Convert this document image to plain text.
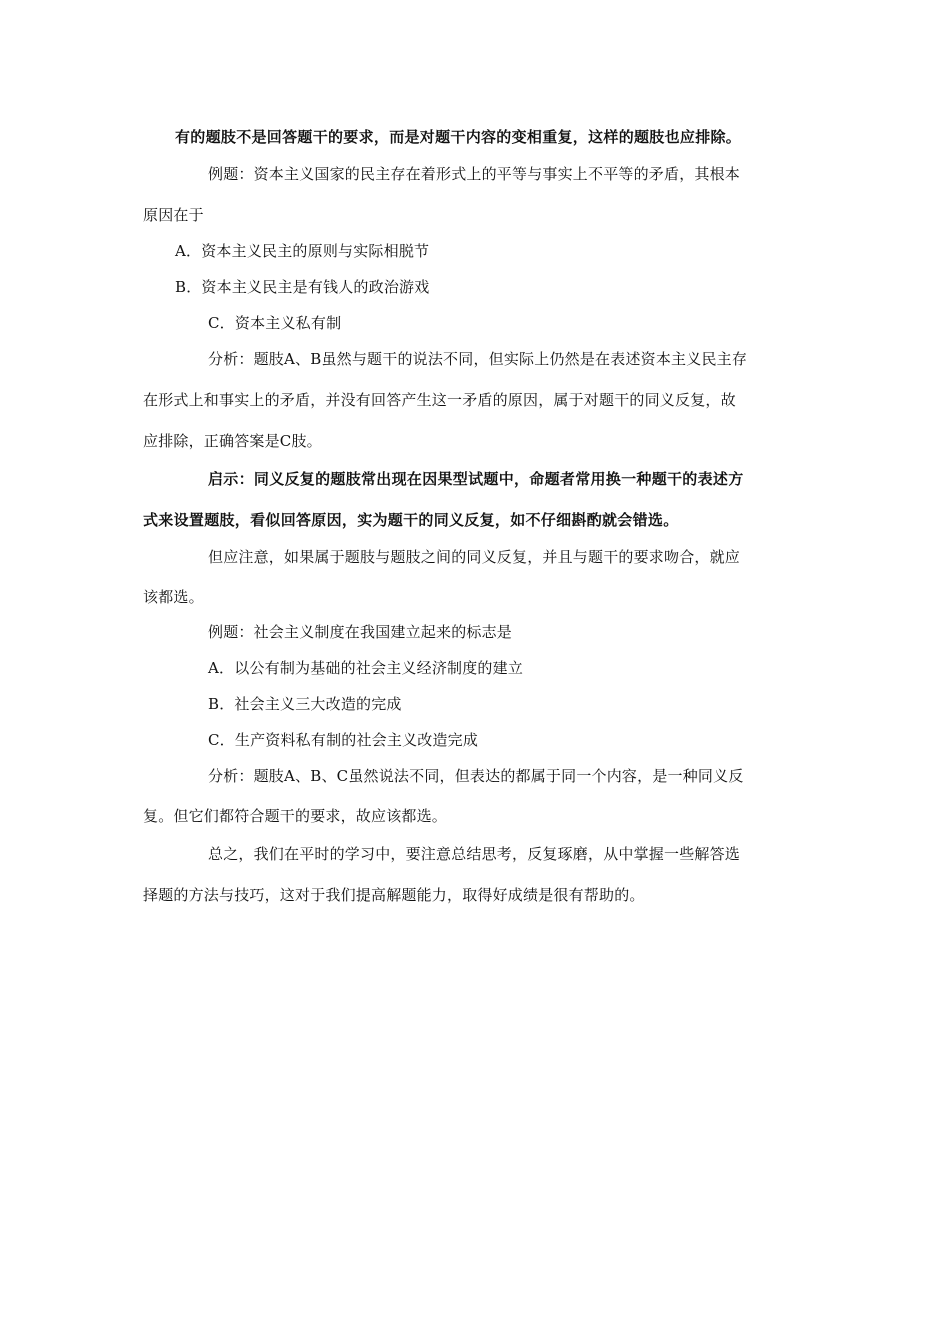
有的题肢不是回答题干的要求，而是对题干内容的变相重复，这样的题肢也应排除。
例题：资本主义国家的民主存在着形式上的平等与事实上不平等的矛盾，其根本
原因在于
A．资本主义民主的原则与实际相脱节
B．资本主义民主是有钱人的政治游戏
C．资本主义私有制
分析：题肢A、B虽然与题干的说法不同，但实际上仍然是在表述资本主义民主存
在形式上和事实上的矛盾，并没有回答产生这一矛盾的原因，属于对题干的同义反复，故
应排除，正确答案是C肢。
启示：同义反复的题肢常出现在因果型试题中，命题者常用换一种题干的表述方
式来设置题肢，看似回答原因，实为题干的同义反复，如不仔细斟酌就会错选。
但应注意，如果属于题肢与题肢之间的同义反复，并且与题干的要求吻合，就应
该都选。
例题：社会主义制度在我国建立起来的标志是
A．以公有制为基础的社会主义经济制度的建立
B．社会主义三大改造的完成
C．生产资料私有制的社会主义改造完成
分析：题肢A、B、C虽然说法不同，但表达的都属于同一个内容，是一种同义反
复。但它们都符合题干的要求，故应该都选。
总之，我们在平时的学习中，要注意总结思考，反复琢磨，从中掌握一些解答选
择题的方法与技巧，这对于我们提高解题能力，取得好成绩是很有帮助的。
